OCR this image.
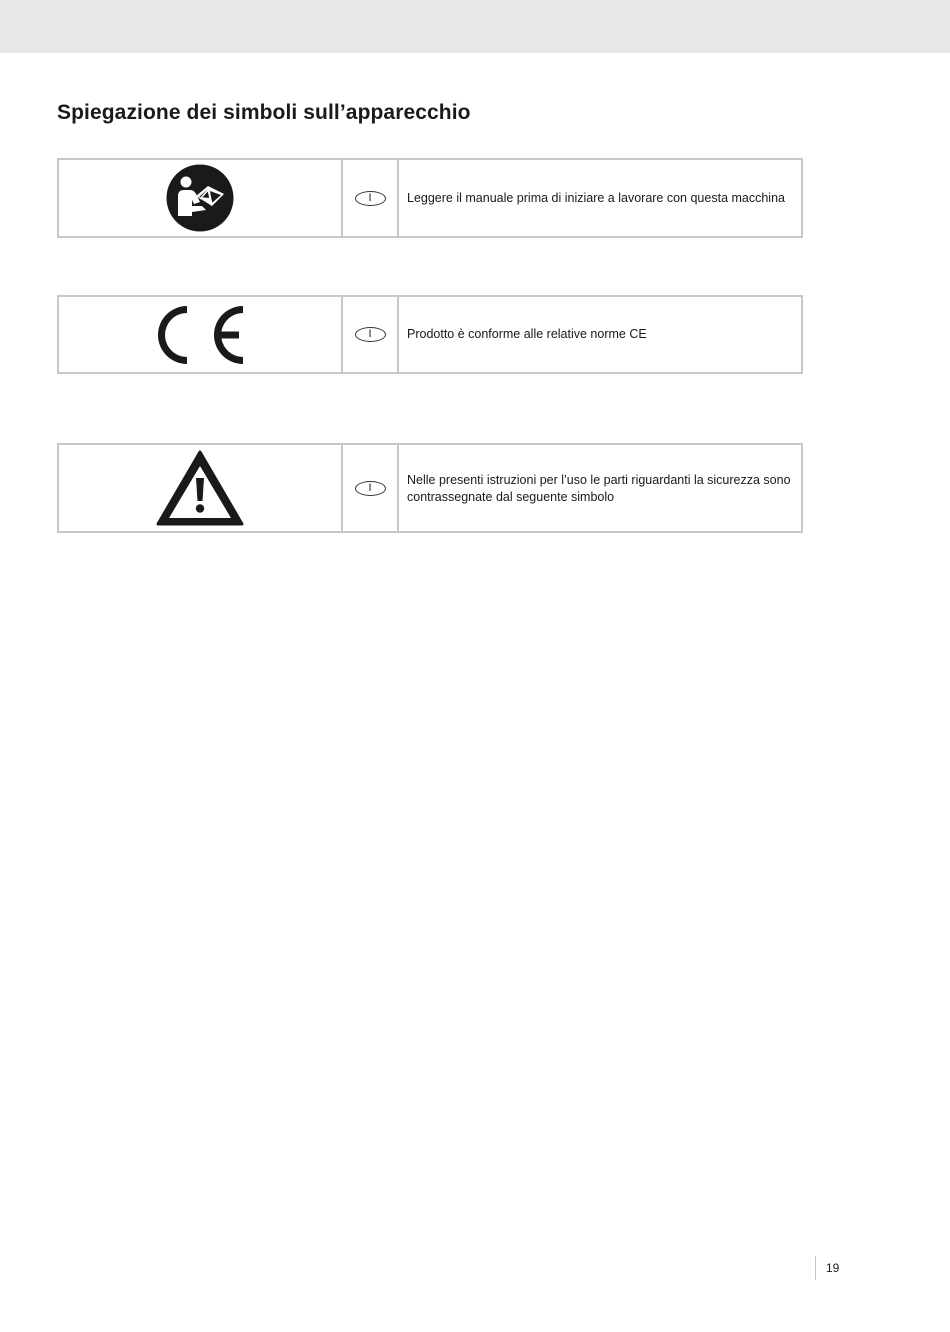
Spiegazione dei simboli sull’apparecchio
I	Leggere il manuale prima di iniziare a lavorare con questa macchina
I	Prodotto è conforme alle relative norme CE
I
Nelle presenti istruzioni per l’uso le parti riguardanti la sicurezza sono contrassegnate dal seguente simbolo
19
